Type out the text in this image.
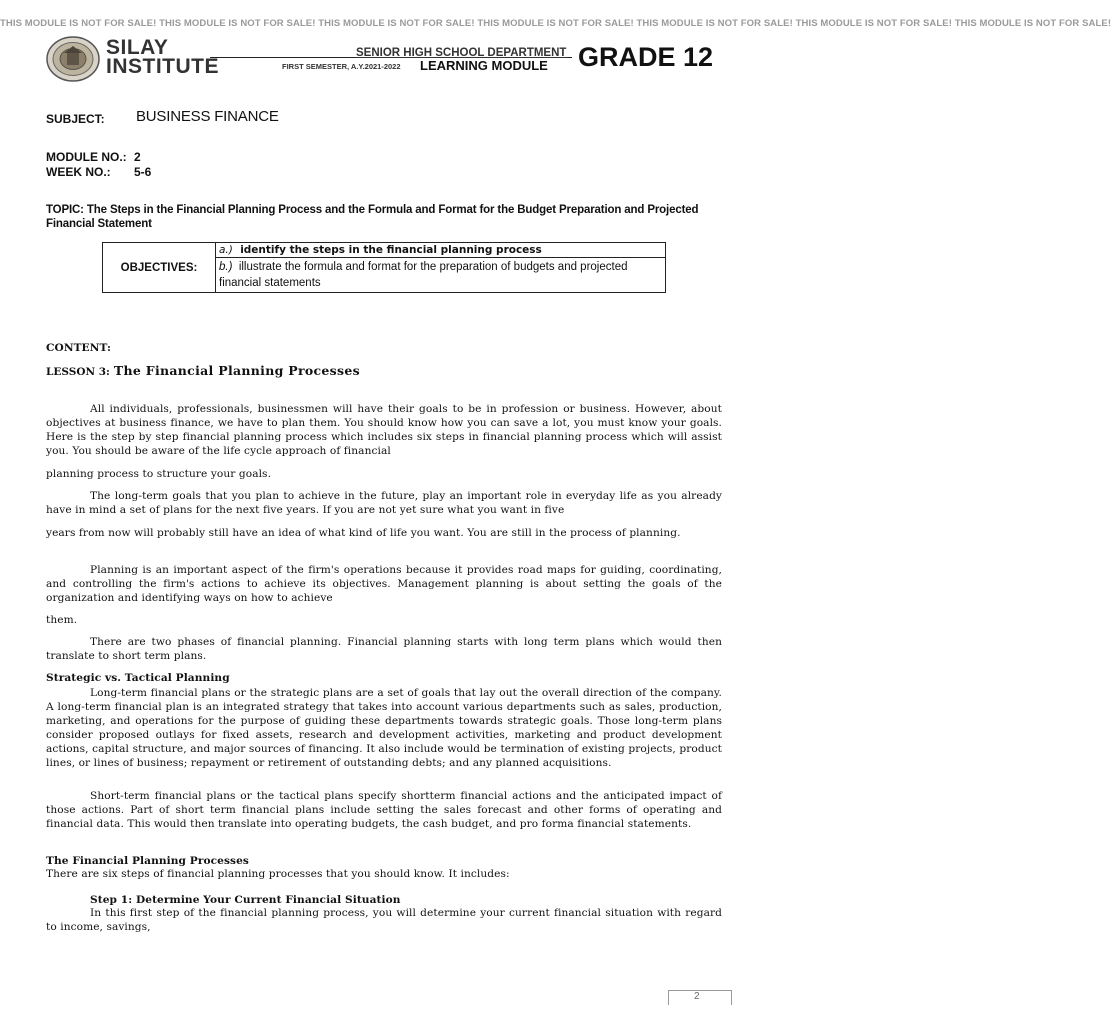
THIS MODULE IS NOT FOR SALE! THIS MODULE IS NOT FOR SALE! THIS MODULE IS NOT FOR SALE! THIS MODULE IS NOT FOR SALE! THIS MODULE IS NOT FOR SALE! THIS MODULE IS NOT FOR SALE! THIS MODULE IS NOT FOR SALE!
SILAY
INSTITUTE
SENIOR HIGH SCHOOL DEPARTMENT
FIRST SEMESTER, A.Y.2021-2022 LEARNING MODULE GRADE 12
SUBJECT: BUSINESS FINANCE
MODULE NO.: 2
WEEK NO.: 5-6
TOPIC: The Steps in the Financial Planning Process and the Formula and Format for the Budget Preparation and Projected Financial Statement
OBJECTIVES:	a.) identify the steps in the financial planning process
b.) illustrate the formula and format for the preparation of budgets and projected financial statements
CONTENT:
LESSON 3: The Financial Planning Processes
All individuals, professionals, businessmen will have their goals to be in profession or business. However, about objectives at business finance, we have to plan them. You should know how you can save a lot, you must know your goals. Here is the step by step financial planning process which includes six steps in financial planning process which will assist you. You should be aware of the life cycle approach of financial
planning process to structure your goals.
The long-term goals that you plan to achieve in the future, play an important role in everyday life as you already have in mind a set of plans for the next five years. If you are not yet sure what you want in five
years from now will probably still have an idea of what kind of life you want. You are still in the process of planning.
Planning is an important aspect of the firm's operations because it provides road maps for guiding, coordinating, and controlling the firm's actions to achieve its objectives. Management planning is about setting the goals of the organization and identifying ways on how to achieve
them.
There are two phases of financial planning. Financial planning starts with long term plans which would then translate to short term plans.
Strategic vs. Tactical Planning
Long-term financial plans or the strategic plans are a set of goals that lay out the overall direction of the company. A long-term financial plan is an integrated strategy that takes into account various departments such as sales, production, marketing, and operations for the purpose of guiding these departments towards strategic goals. Those long-term plans consider proposed outlays for fixed assets, research and development activities, marketing and product development actions, capital structure, and major sources of financing. It also include would be termination of existing projects, product lines, or lines of business; repayment or retirement of outstanding debts; and any planned acquisitions.
Short-term financial plans or the tactical plans specify shortterm financial actions and the anticipated impact of those actions. Part of short term financial plans include setting the sales forecast and other forms of operating and financial data. This would then translate into operating budgets, the cash budget, and pro forma financial statements.
The Financial Planning Processes
There are six steps of financial planning processes that you should know. It includes:
Step 1: Determine Your Current Financial Situation
In this first step of the financial planning process, you will determine your current financial situation with regard to income, savings,
2
